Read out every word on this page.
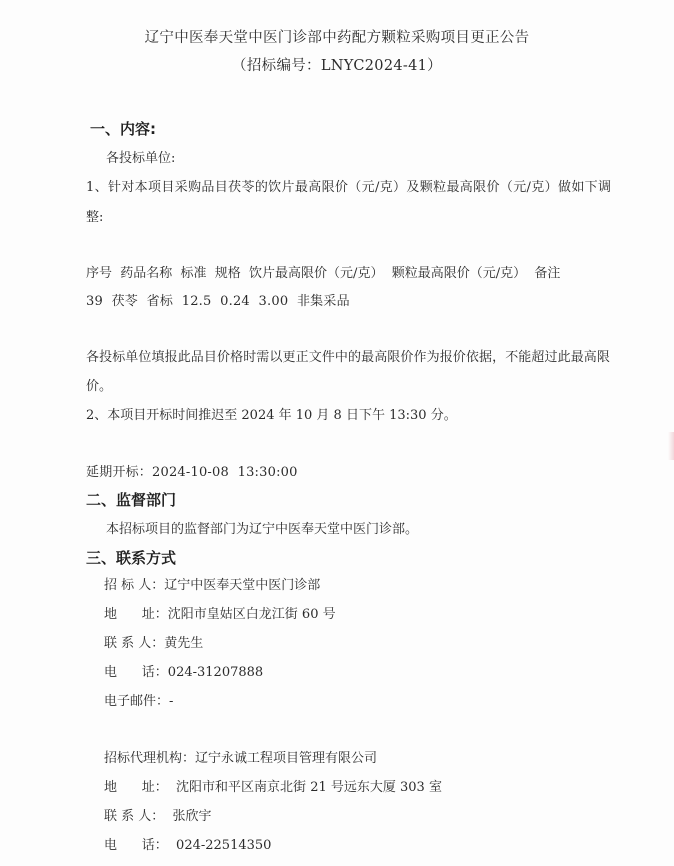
辽宁中医奉天堂中医门诊部中药配方颗粒采购项目更正公告
（招标编号：LNYC2024-41）
一、内容:
各投标单位:
1、针对本项目采购品目茯苓的饮片最高限价（元/克）及颗粒最高限价（元/克）做如下调
整:
序号  药品名称  标准  规格  饮片最高限价（元/克）  颗粒最高限价（元/克）  备注
39  茯苓  省标  12.5  0.24  3.00  非集采品
各投标单位填报此品目价格时需以更正文件中的最高限价作为报价依据，不能超过此最高限
价。
2、本项目开标时间推迟至 2024 年 10 月 8 日下午 13:30 分。
延期开标：2024-10-08  13:30:00
二、监督部门
本招标项目的监督部门为辽宁中医奉天堂中医门诊部。
三、联系方式
招 标 人：辽宁中医奉天堂中医门诊部
地      址：沈阳市皇姑区白龙江街 60 号
联 系 人：黄先生
电      话：024-31207888
电子邮件：-
招标代理机构：辽宁永诚工程项目管理有限公司
地      址：  沈阳市和平区南京北街 21 号远东大厦 303 室
联 系 人：  张欣宇
电      话：  024-22514350
